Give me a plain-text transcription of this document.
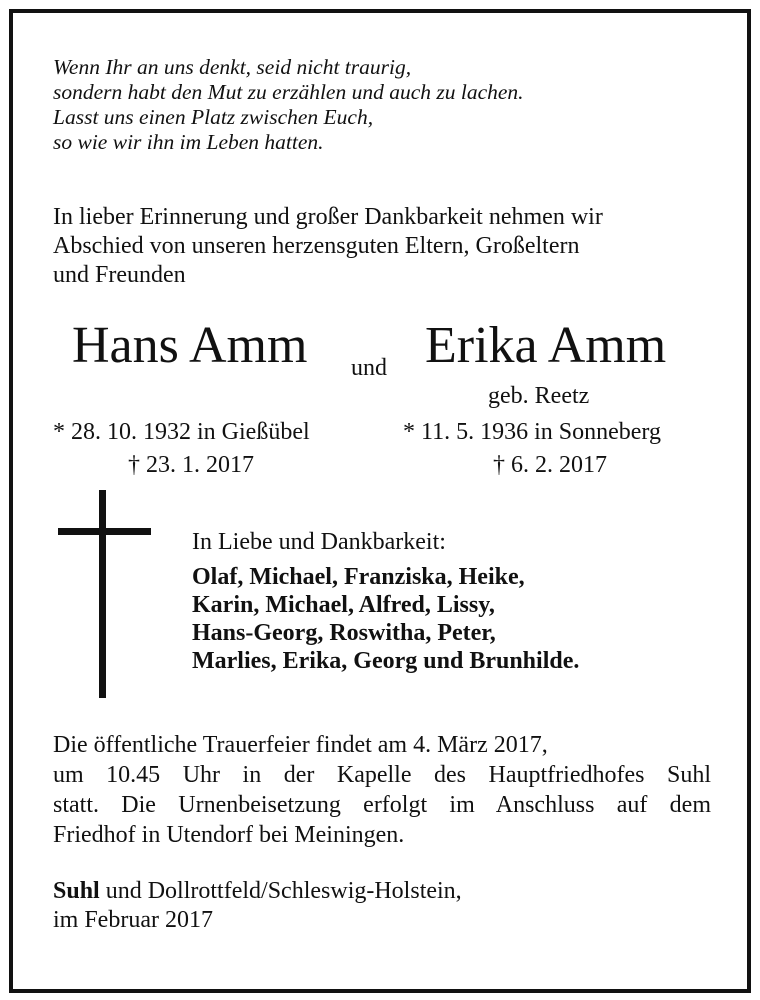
Wenn Ihr an uns denkt, seid nicht traurig,
sondern habt den Mut zu erzählen und auch zu lachen.
Lasst uns einen Platz zwischen Euch,
so wie wir ihn im Leben hatten.
In lieber Erinnerung und großer Dankbarkeit nehmen wir
Abschied von unseren herzensguten Eltern, Großeltern
und Freunden
Hans Amm und Erika Amm
geb. Reetz
* 28. 10. 1932 in Gießübel
† 23. 1. 2017
* 11. 5. 1936 in Sonneberg
† 6. 2. 2017
In Liebe und Dankbarkeit:
Olaf, Michael, Franziska, Heike,
Karin, Michael, Alfred, Lissy,
Hans-Georg, Roswitha, Peter,
Marlies, Erika, Georg und Brunhilde.
Die öffentliche Trauerfeier findet am 4. März 2017,
um 10.45 Uhr in der Kapelle des Hauptfriedhofes Suhl
statt. Die Urnenbeisetzung erfolgt im Anschluss auf dem
Friedhof in Utendorf bei Meiningen.
Suhl und Dollrottfeld/Schleswig-Holstein,
im Februar 2017
